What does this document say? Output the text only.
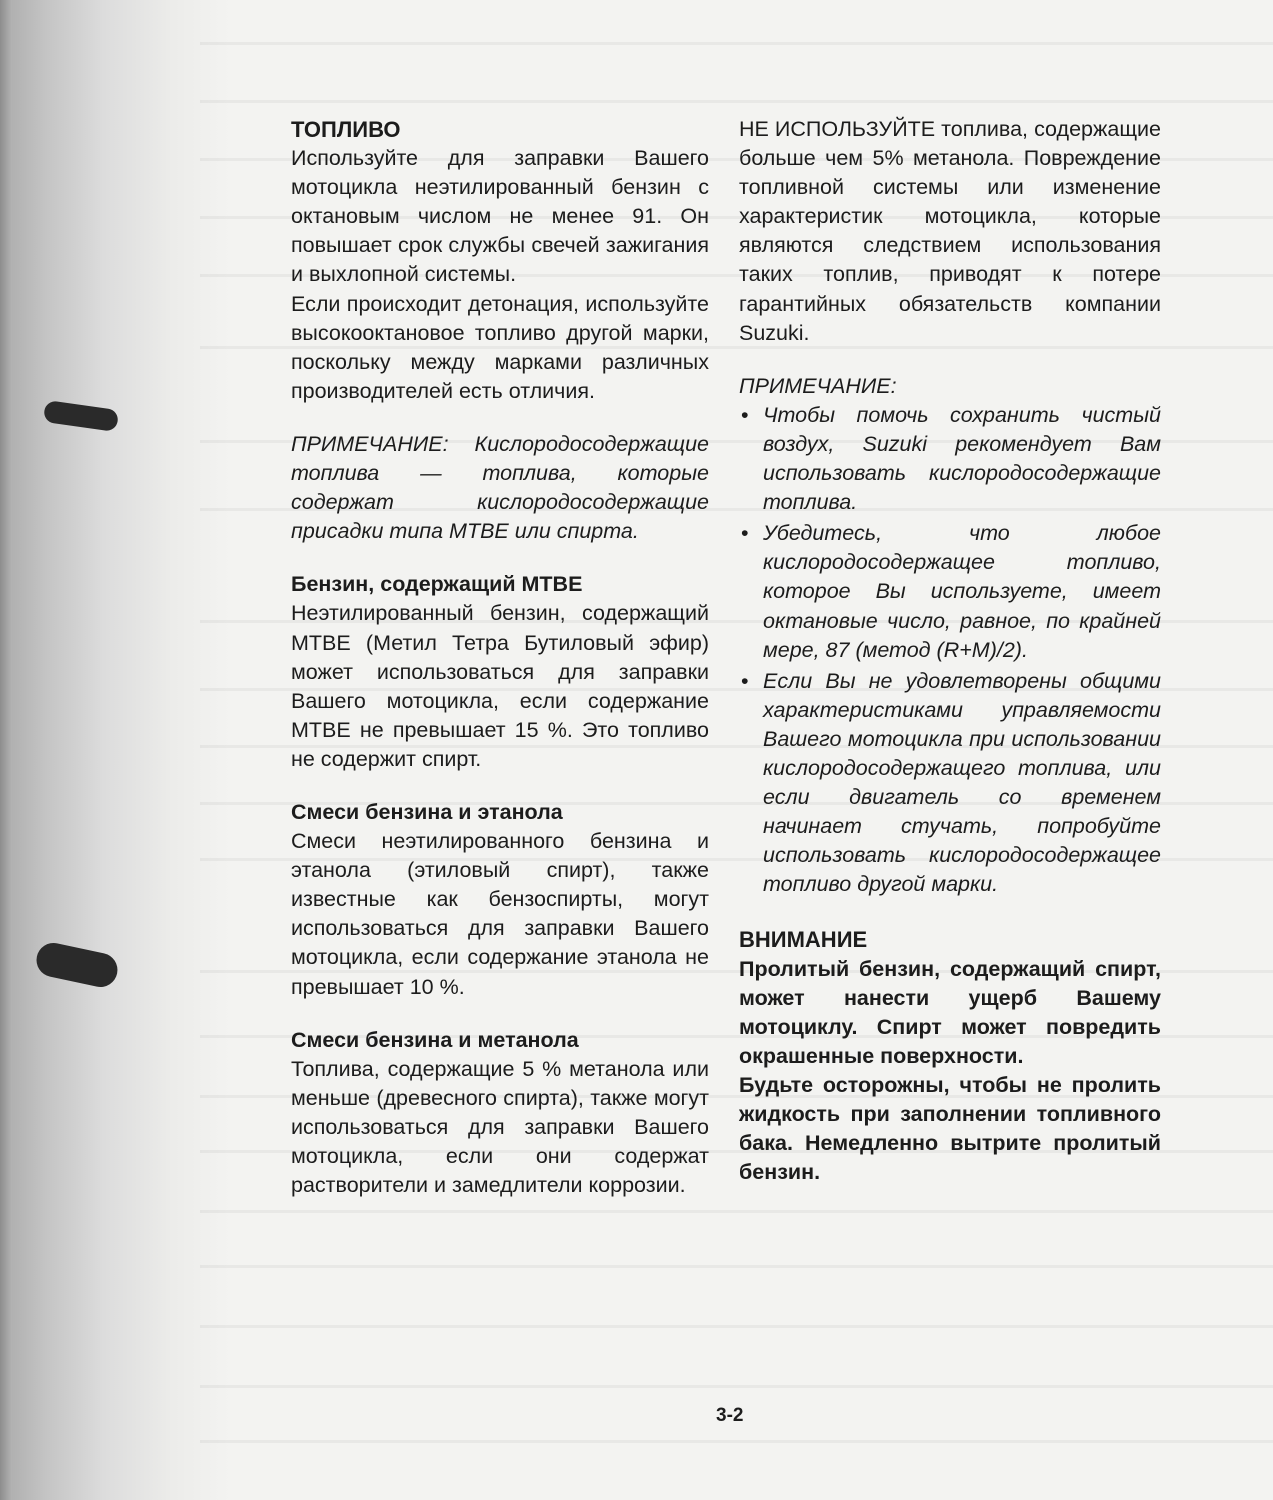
ТОПЛИВО

Используйте для заправки Вашего мотоцикла неэтилированный бензин с октановым числом не менее 91. Он повышает срок службы свечей зажигания и выхлопной системы.

Если происходит детонация, используйте высокооктановое топливо другой марки, поскольку между марками различных производителей есть отличия.

ПРИМЕЧАНИЕ: Кислородосодержащие топлива — топлива, которые содержат кислородосодержащие присадки типа MTBE или спирта.

Бензин, содержащий MTBE

Неэтилированный бензин, содержащий MTBE (Метил Тетра Бутиловый эфир) может использоваться для заправки Вашего мотоцикла, если содержание MTBE не превышает 15 %. Это топливо не содержит спирт.

Смеси бензина и этанола

Смеси неэтилированного бензина и этанола (этиловый спирт), также известные как бензоспирты, могут использоваться для заправки Вашего мотоцикла, если содержание этанола не превышает 10 %.

Смеси бензина и метанола

Топлива, содержащие 5 % метанола или меньше (древесного спирта), также могут использоваться для заправки Вашего мотоцикла, если они содержат растворители и замедлители коррозии.

НЕ ИСПОЛЬЗУЙТЕ топлива, содержащие больше чем 5% метанола. Повреждение топливной системы или изменение характеристик мотоцикла, которые являются следствием использования таких топлив, приводят к потере гарантийных обязательств компании Suzuki.

ПРИМЕЧАНИЕ:

• Чтобы помочь сохранить чистый воздух, Suzuki рекомендует Вам использовать кислородосодержащие топлива.
• Убедитесь, что любое кислородосодержащее топливо, которое Вы используете, имеет октановые число, равное, по крайней мере, 87 (метод (R+M)/2).
• Если Вы не удовлетворены общими характеристиками управляемости Вашего мотоцикла при использовании кислородосодержащего топлива, или если двигатель со временем начинает стучать, попробуйте использовать кислородосодержащее топливо другой марки.

ВНИМАНИЕ

Пролитый бензин, содержащий спирт, может нанести ущерб Вашему мотоциклу. Спирт может повредить окрашенные поверхности.

Будьте осторожны, чтобы не пролить жидкость при заполнении топливного бака. Немедленно вытрите пролитый бензин.

3-2
